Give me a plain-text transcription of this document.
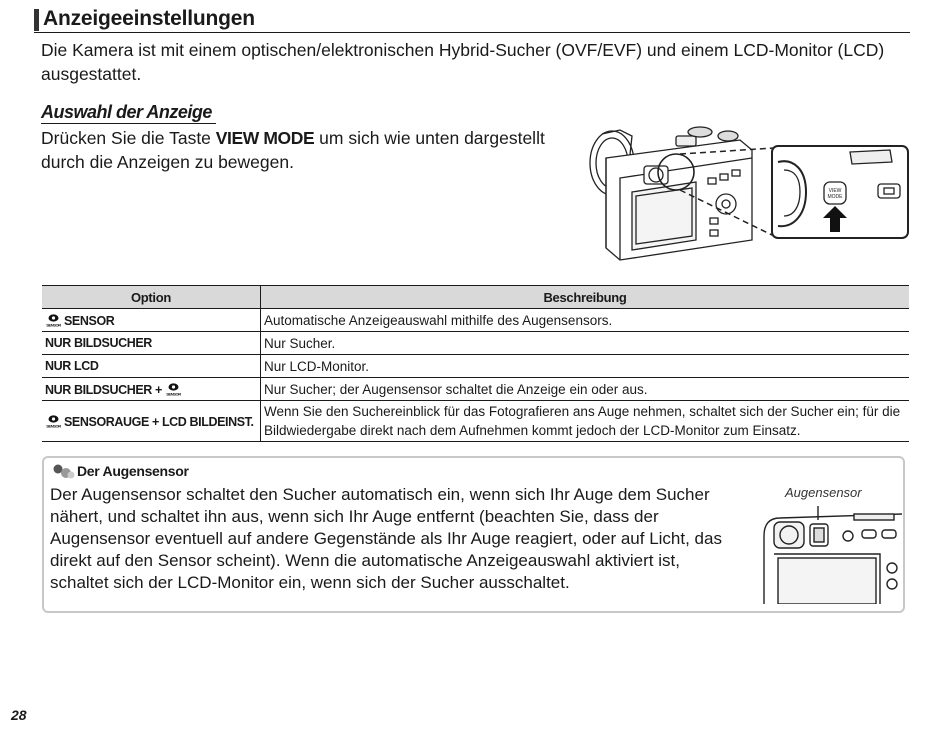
Anzeigeeinstellungen
Die Kamera ist mit einem optischen/elektronischen Hybrid-Sucher (OVF/EVF) und einem LCD-Monitor (LCD) ausgestattet.
Auswahl der Anzeige
Drücken Sie die Taste VIEW MODE um sich wie unten dargestellt durch die Anzeigen zu bewegen.
VIEW
MODE
Option	Beschreibung

SENSOR SENSOR	Automatische Anzeigeauswahl mithilfe des Augensensors.
NUR BILDSUCHER	Nur Sucher.
NUR LCD	Nur LCD-Monitor.
NUR BILDSUCHER + SENSOR	Nur Sucher; der Augensensor schaltet die Anzeige ein oder aus.

SENSOR SENSORAUGE + LCD BILDEINST.	Wenn Sie den Suchereinblick für das Fotografieren ans Auge nehmen, schaltet sich der Sucher ein; für die Bildwiedergabe direkt nach dem Aufnehmen kommt jedoch der LCD-Monitor zum Einsatz.
Der Augensensor
Der Augensensor schaltet den Sucher automatisch ein, wenn sich Ihr Auge dem Sucher nähert, und schaltet ihn aus, wenn sich Ihr Auge entfernt (beachten Sie, dass der Augensensor eventuell auf andere Gegenstände als Ihr Auge reagiert, oder auf Licht, das direkt auf den Sensor scheint). Wenn die automatische Anzeigeauswahl aktiviert ist, schaltet sich der LCD-Monitor ein, wenn sich der Sucher ausschaltet.
Augensensor
28
